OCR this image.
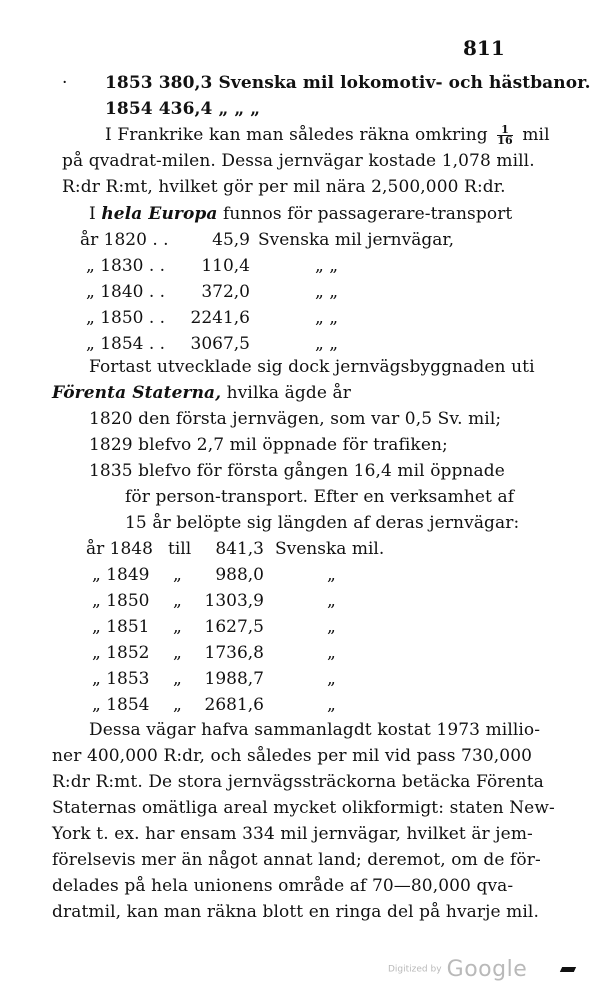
811
· 1853 380,3 Svenska mil lokomotiv- och hästbanor.
1854 436,4 „ „ „
I Frankrike kan man således räkna omkring $\frac{1}{16}$ mil
på qvadrat-milen. Dessa jernvägar kostade 1,078 mill.
R:dr R:mt, hvilket gör per mil nära 2,500,000 R:dr.
I hela Europa funnos för passagerare-transport
år 1820 . .	45,9 Svenska mil jernvägar,
„ 1830 . .	110,4	„ „
„ 1840 . .	372,0	„ „
„ 1850 . .	2241,6	„ „
„ 1854 . .	3067,5	„ „
Fortast utvecklade sig dock jernvägsbyggnaden uti
Förenta Staterna, hvilka ägde år
1820 den första jernvägen, som var 0,5 Sv. mil;
1829 blefvo 2,7 mil öppnade för trafiken;
1835 blefvo för första gången 16,4 mil öppnade
för person-transport. Efter en verksamhet af
15 år belöpte sig längden af deras jernvägar:
år 1848 till	841,3 Svenska mil.
„ 1849 „	988,0	„
„ 1850 „	1303,9	„
„ 1851 „	1627,5	„
„ 1852 „	1736,8	„
„ 1853 „	1988,7	„
„ 1854 „	2681,6	„
Dessa vägar hafva sammanlagdt kostat 1973 millio-
ner 400,000 R:dr, och således per mil vid pass 730,000
R:dr R:mt. De stora jernvägssträckorna betäcka Förenta
Staternas omätliga areal mycket olikformigt: staten New-
York t. ex. har ensam 334 mil jernvägar, hvilket är jem-
förelsevis mer än något annat land; deremot, om de för-
delades på hela unionens område af 70—80,000 qva-
dratmil, kan man räkna blott en ringa del på hvarje mil.
Digitized by Google
